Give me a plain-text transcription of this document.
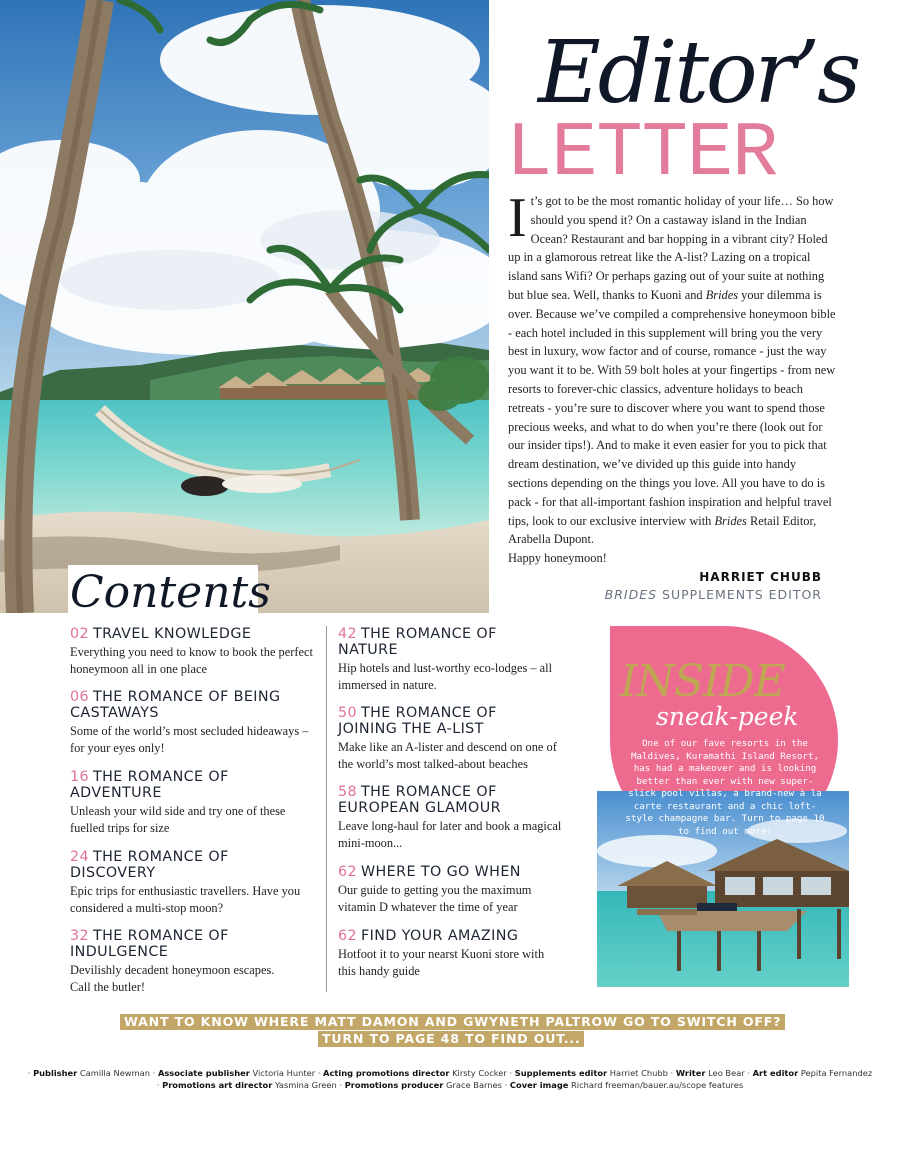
Editor’s
LETTER

It’s got to be the most romantic holiday of your life… So how should you spend it? On a castaway island in the Indian Ocean? Restaurant and bar hopping in a vibrant city? Holed up in a glamorous retreat like the A-list? Lazing on a tropical island sans Wifi? Or perhaps gazing out of your suite at nothing but blue sea. Well, thanks to Kuoni and Brides your dilemma is over. Because we’ve compiled a comprehensive honeymoon bible - each hotel included in this supplement will bring you the very best in luxury, wow factor and of course, romance - just the way you want it to be. With 59 bolt holes at your fingertips - from new resorts to forever-chic classics, adventure holidays to beach retreats - you’re sure to discover where you want to spend those precious weeks, and what to do when you’re there (look out for our insider tips!). And to make it even easier for you to pick that dream destination, we’ve divided up this guide into handy sections depending on the things you love. All you have to do is pack - for that all-important fashion inspiration and helpful travel tips, look to our exclusive interview with Brides Retail Editor, Arabella Dupont.

Happy honeymoon!

HARRIET CHUBB
BRIDES SUPPLEMENTS EDITOR
Contents
02 TRAVEL KNOWLEDGE
Everything you need to know to book the perfect honeymoon all in one place
06 THE ROMANCE OF BEING CASTAWAYS
Some of the world’s most secluded hideaways – for your eyes only!
16 THE ROMANCE OF ADVENTURE
Unleash your wild side and try one of these fuelled trips for size
24 THE ROMANCE OF DISCOVERY
Epic trips for enthusiastic travellers. Have you considered a multi-stop moon?
32 THE ROMANCE OF INDULGENCE
Devilishly decadent honeymoon escapes. Call the butler!
42 THE ROMANCE OF NATURE
Hip hotels and lust-worthy eco-lodges – all immersed in nature.
50 THE ROMANCE OF JOINING THE A-LIST
Make like an A-lister and descend on one of the world’s most talked-about beaches
58 THE ROMANCE OF EUROPEAN GLAMOUR
Leave long-haul for later and book a magical mini-moon...
62 WHERE TO GO WHEN
Our guide to getting you the maximum vitamin D whatever the time of year
62 FIND YOUR AMAZING
Hotfoot it to your nearst Kuoni store with this handy guide
INSIDE
sneak-peek
One of our fave resorts in the Maldives, Kuramathi Island Resort, has had a makeover and is looking better than ever with new super-slick pool villas, a brand-new à la carte restaurant and a chic loft-style champagne bar. Turn to page 10 to find out more!
WANT TO KNOW WHERE MATT DAMON AND GWYNETH PALTROW GO TO SWITCH OFF?
TURN TO PAGE 48 TO FIND OUT...
· Publisher Camilla Newman · Associate publisher Victoria Hunter · Acting promotions director Kirsty Cocker · Supplements editor Harriet Chubb · Writer Leo Bear · Art editor Pepita Fernandez
· Promotions art director Yasmina Green · Promotions producer Grace Barnes · Cover image Richard freeman/bauer.au/scope features
